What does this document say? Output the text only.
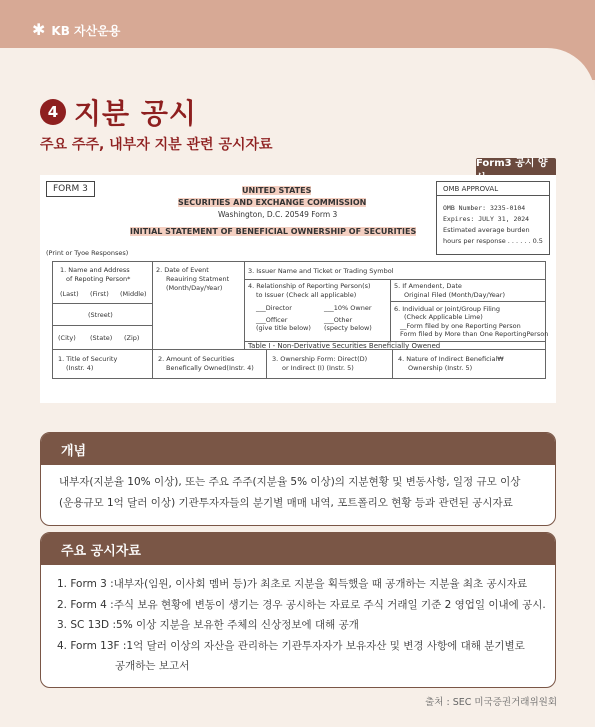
✱ KB 자산운용
4 지분 공시
주요 주주, 내부자 지분 관련 공시자료
Form3 공시 양
FORM 3	UNITED STATES
SECURITIES AND EXCHANGE COMMISSION
Washington, D.C. 20549 Form 3
INITIAL STATEMENT OF BENEFICIAL OWNERSHIP OF SECURITIES
OMB APPROVAL
OMB Number: 3235-0104
Expires: JULY 31, 2024
Estimated average burden
hours per response . . . . . . 0.5
(Print or Tyoe Responses)
1. Name and Address
of Repoting Person*
(Last) (First) (Middle)
(Street)
(City) (State) (Zip)
2. Date of Event
Reauiring Statment
(Month/Day/Year)
3. Issuer Name and Ticket or Trading Symbol
4. Relationship of Reporting Person(s)
to Issuer (Check all applicable)
___Director	___10% Owner
___Officer
(give title below)
___Other
(specty below)
5. If Amendent, Date
Original Filed (Month/Day/Year)
6. Individual or Joint/Group Filing
(Check Applicable Lime)
__Form filed by one Reporting Person
Form filed by More than One ReportingPerson
Table I - Non-Derivative Securities Beneficially Owened
1. Title of Security
(Instr. 4)
2. Amount of Securities
Benefically Owned(Instr. 4)
3. Ownership Form: Direct(D)
or Indirect (I) (Instr. 5)
4. Nature of Indirect Beneficial₩
Ownership (Instr. 5)
개념
내부자(지분율 10% 이상), 또는 주요 주주(지분율 5% 이상)의 지분현황 및 변동사항, 일정 규모 이상
(운용규모 1억 달러 이상) 기관투자자들의 분기별 매매 내역, 포트폴리오 현황 등과 관련된 공시자료
주요 공시자료
1. Form 3 : 내부자(임원, 이사회 멤버 등)가 최초로 지분을 획득했을 때 공개하는 지분율 최초 공시자료
2. Form 4 : 주식 보유 현황에 변동이 생기는 경우 공시하는 자료로 주식 거래일 기준 2 영업일 이내에 공시.
3. SC 13D : 5% 이상 지분을 보유한 주체의 신상정보에 대해 공개
4. Form 13F : 1억 달러 이상의 자산을 관리하는 기관투자자가 보유자산 및 변경 사항에 대해 분기별로
공개하는 보고서
출처 : SEC 미국증권거래위원회
